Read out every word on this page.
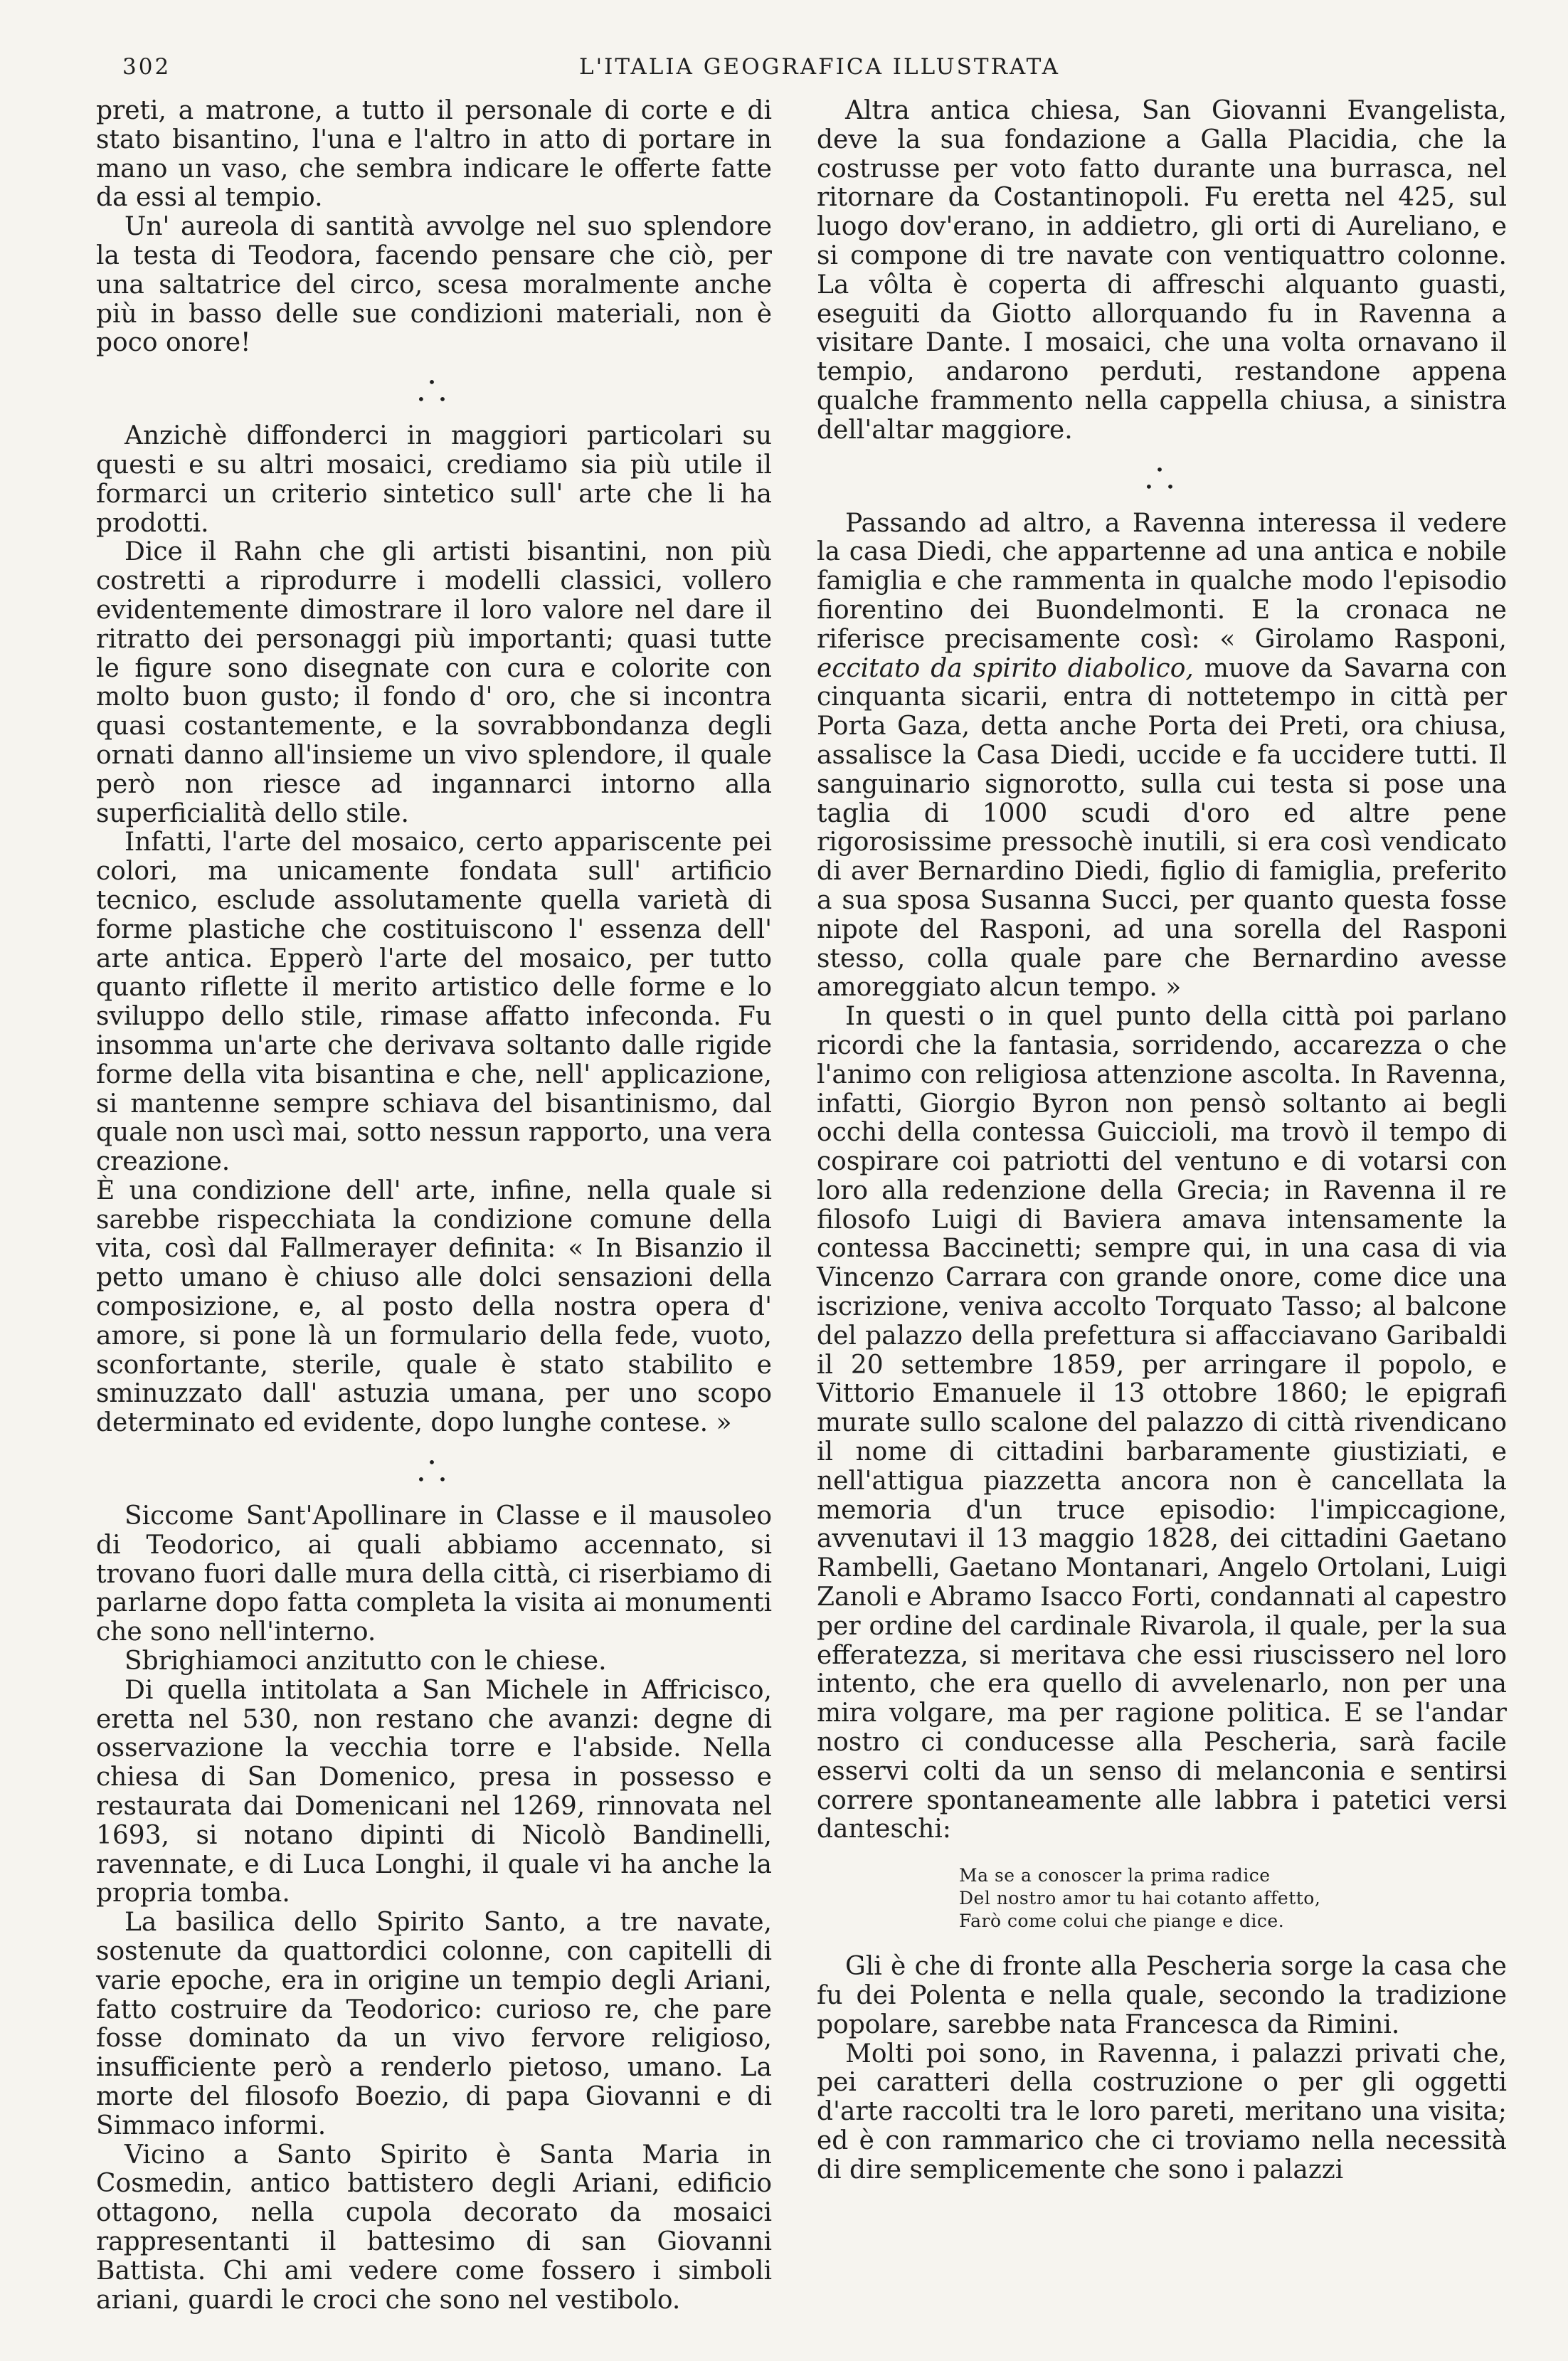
302	L'ITALIA GEOGRAFICA ILLUSTRATA

preti, a matrone, a tutto il personale di corte e di stato bisantino, l'una e l'altro in atto di portare in mano un vaso, che sembra indicare le offerte fatte da essi al tempio.

Un' aureola di santità avvolge nel suo splendore la testa di Teodora, facendo pensare che ciò, per una saltatrice del circo, scesa moralmente anche più in basso delle sue condizioni materiali, non è poco onore!

•
• •

Anzichè diffonderci in maggiori particolari su questi e su altri mosaici, crediamo sia più utile il formarci un criterio sintetico sull' arte che li ha prodotti.

Dice il Rahn che gli artisti bisantini, non più costretti a riprodurre i modelli classici, vollero evidentemente dimostrare il loro valore nel dare il ritratto dei personaggi più importanti; quasi tutte le figure sono disegnate con cura e colorite con molto buon gusto; il fondo d' oro, che si incontra quasi costantemente, e la sovrabbondanza degli ornati danno all'insieme un vivo splendore, il quale però non riesce ad ingannarci intorno alla superficialità dello stile.

Infatti, l'arte del mosaico, certo appariscente pei colori, ma unicamente fondata sull' artificio tecnico, esclude assolutamente quella varietà di forme plastiche che costituiscono l' essenza dell' arte antica. Epperò l'arte del mosaico, per tutto quanto riflette il merito artistico delle forme e lo sviluppo dello stile, rimase affatto infeconda. Fu insomma un'arte che derivava soltanto dalle rigide forme della vita bisantina e che, nell' applicazione, si mantenne sempre schiava del bisantinismo, dal quale non uscì mai, sotto nessun rapporto, una vera creazione.

È una condizione dell' arte, infine, nella quale si sarebbe rispecchiata la condizione comune della vita, così dal Fallmerayer definita: « In Bisanzio il petto umano è chiuso alle dolci sensazioni della composizione, e, al posto della nostra opera d' amore, si pone là un formulario della fede, vuoto, sconfortante, sterile, quale è stato stabilito e sminuzzato dall' astuzia umana, per uno scopo determinato ed evidente, dopo lunghe contese. »

•
• •

Siccome Sant'Apollinare in Classe e il mausoleo di Teodorico, ai quali abbiamo accennato, si trovano fuori dalle mura della città, ci riserbiamo di parlarne dopo fatta completa la visita ai monumenti che sono nell'interno.

Sbrighiamoci anzitutto con le chiese.

Di quella intitolata a San Michele in Affricisco, eretta nel 530, non restano che avanzi: degne di osservazione la vecchia torre e l'abside. Nella chiesa di San Domenico, presa in possesso e restaurata dai Domenicani nel 1269, rinnovata nel 1693, si notano dipinti di Nicolò Bandinelli, ravennate, e di Luca Longhi, il quale vi ha anche la propria tomba.

La basilica dello Spirito Santo, a tre navate, sostenute da quattordici colonne, con capitelli di varie epoche, era in origine un tempio degli Ariani, fatto costruire da Teodorico: curioso re, che pare fosse dominato da un vivo fervore religioso, insufficiente però a renderlo pietoso, umano. La morte del filosofo Boezio, di papa Giovanni e di Simmaco informi.

Vicino a Santo Spirito è Santa Maria in Cosmedin, antico battistero degli Ariani, edificio ottagono, nella cupola decorato da mosaici rappresentanti il battesimo di san Giovanni Battista. Chi ami vedere come fossero i simboli ariani, guardi le croci che sono nel vestibolo.

Altra antica chiesa, San Giovanni Evangelista, deve la sua fondazione a Galla Placidia, che la costrusse per voto fatto durante una burrasca, nel ritornare da Costantinopoli. Fu eretta nel 425, sul luogo dov'erano, in addietro, gli orti di Aureliano, e si compone di tre navate con ventiquattro colonne. La vôlta è coperta di affreschi alquanto guasti, eseguiti da Giotto allorquando fu in Ravenna a visitare Dante. I mosaici, che una volta ornavano il tempio, andarono perduti, restandone appena qualche frammento nella cappella chiusa, a sinistra dell'altar maggiore.

•
• •

Passando ad altro, a Ravenna interessa il vedere la casa Diedi, che appartenne ad una antica e nobile famiglia e che rammenta in qualche modo l'episodio fiorentino dei Buondelmonti. E la cronaca ne riferisce precisamente così: « Girolamo Rasponi, eccitato da spirito diabolico, muove da Savarna con cinquanta sicarii, entra di nottetempo in città per Porta Gaza, detta anche Porta dei Preti, ora chiusa, assalisce la Casa Diedi, uccide e fa uccidere tutti. Il sanguinario signorotto, sulla cui testa si pose una taglia di 1000 scudi d'oro ed altre pene rigorosissime pressochè inutili, si era così vendicato di aver Bernardino Diedi, figlio di famiglia, preferito a sua sposa Susanna Succi, per quanto questa fosse nipote del Rasponi, ad una sorella del Rasponi stesso, colla quale pare che Bernardino avesse amoreggiato alcun tempo. »

In questi o in quel punto della città poi parlano ricordi che la fantasia, sorridendo, accarezza o che l'animo con religiosa attenzione ascolta. In Ravenna, infatti, Giorgio Byron non pensò soltanto ai begli occhi della contessa Guiccioli, ma trovò il tempo di cospirare coi patriotti del ventuno e di votarsi con loro alla redenzione della Grecia; in Ravenna il re filosofo Luigi di Baviera amava intensamente la contessa Baccinetti; sempre qui, in una casa di via Vincenzo Carrara con grande onore, come dice una iscrizione, veniva accolto Torquato Tasso; al balcone del palazzo della prefettura si affacciavano Garibaldi il 20 settembre 1859, per arringare il popolo, e Vittorio Emanuele il 13 ottobre 1860; le epigrafi murate sullo scalone del palazzo di città rivendicano il nome di cittadini barbaramente giustiziati, e nell'attigua piazzetta ancora non è cancellata la memoria d'un truce episodio: l'impiccagione, avvenutavi il 13 maggio 1828, dei cittadini Gaetano Rambelli, Gaetano Montanari, Angelo Ortolani, Luigi Zanoli e Abramo Isacco Forti, condannati al capestro per ordine del cardinale Rivarola, il quale, per la sua efferatezza, si meritava che essi riuscissero nel loro intento, che era quello di avvelenarlo, non per una mira volgare, ma per ragione politica. E se l'andar nostro ci conducesse alla Pescheria, sarà facile esservi colti da un senso di melanconia e sentirsi correre spontaneamente alle labbra i patetici versi danteschi:

Ma se a conoscer la prima radice
Del nostro amor tu hai cotanto affetto,
Farò come colui che piange e dice.

Gli è che di fronte alla Pescheria sorge la casa che fu dei Polenta e nella quale, secondo la tradizione popolare, sarebbe nata Francesca da Rimini.

Molti poi sono, in Ravenna, i palazzi privati che, pei caratteri della costruzione o per gli oggetti d'arte raccolti tra le loro pareti, meritano una visita; ed è con rammarico che ci troviamo nella necessità di dire semplicemente che sono i palazzi
